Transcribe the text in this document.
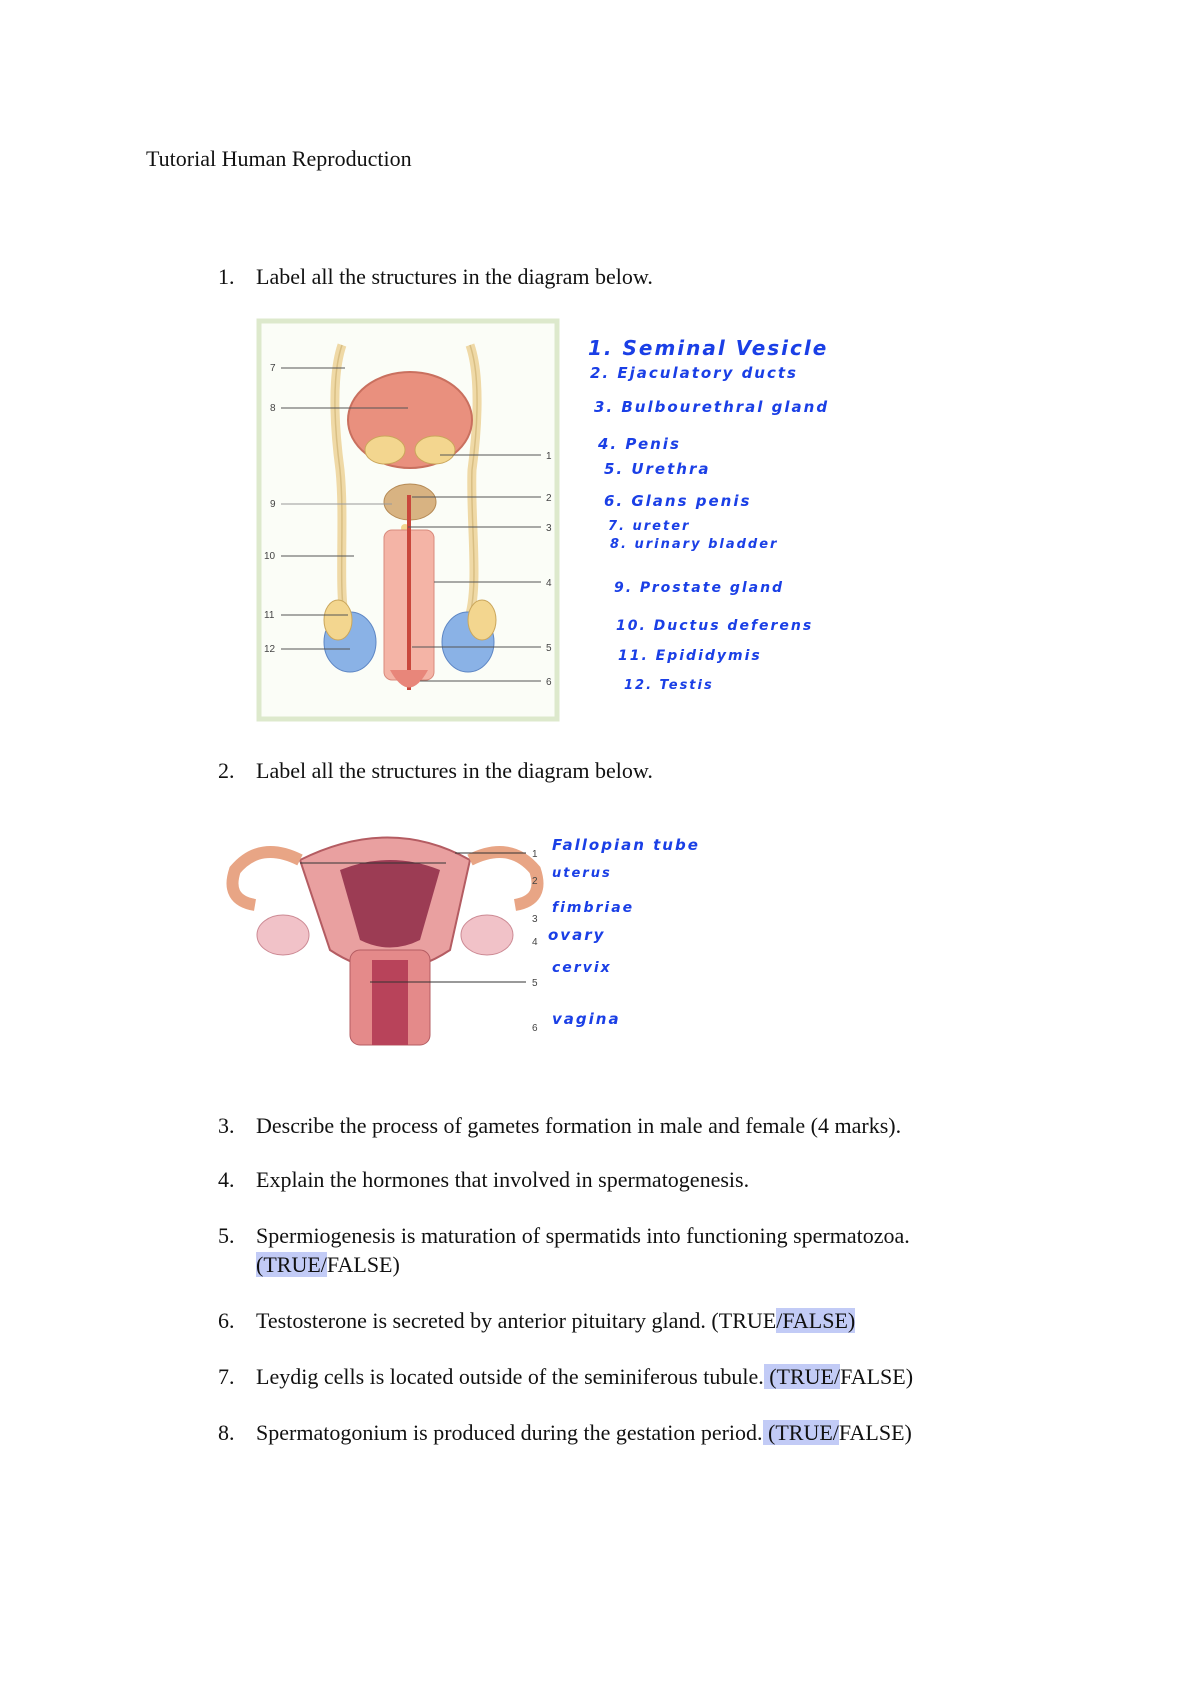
Tutorial Human Reproduction
1. Label all the structures in the diagram below.
7
8
9
10
11
12
1
2
3
4
5
6
1
2
3
4
5
6
1. Seminal Vesicle
2. Ejaculatory ducts
3. Bulbourethral gland
4. Penis
5. Urethra
6. Glans penis
7. ureter
8. urinary bladder
9. Prostate gland
10. Ductus deferens
11. Epididymis
12. Testis
2. Label all the structures in the diagram below.
Fallopian tube
uterus
fimbriae
ovary
cervix
vagina
3. Describe the process of gametes formation in male and female (4 marks).
4. Explain the hormones that involved in spermatogenesis.
5. Spermiogenesis is maturation of spermatids into functioning spermatozoa.
(TRUE/FALSE)
6. Testosterone is secreted by anterior pituitary gland. (TRUE/FALSE)
7. Leydig cells is located outside of the seminiferous tubule. (TRUE/FALSE)
8. Spermatogonium is produced during the gestation period. (TRUE/FALSE)
